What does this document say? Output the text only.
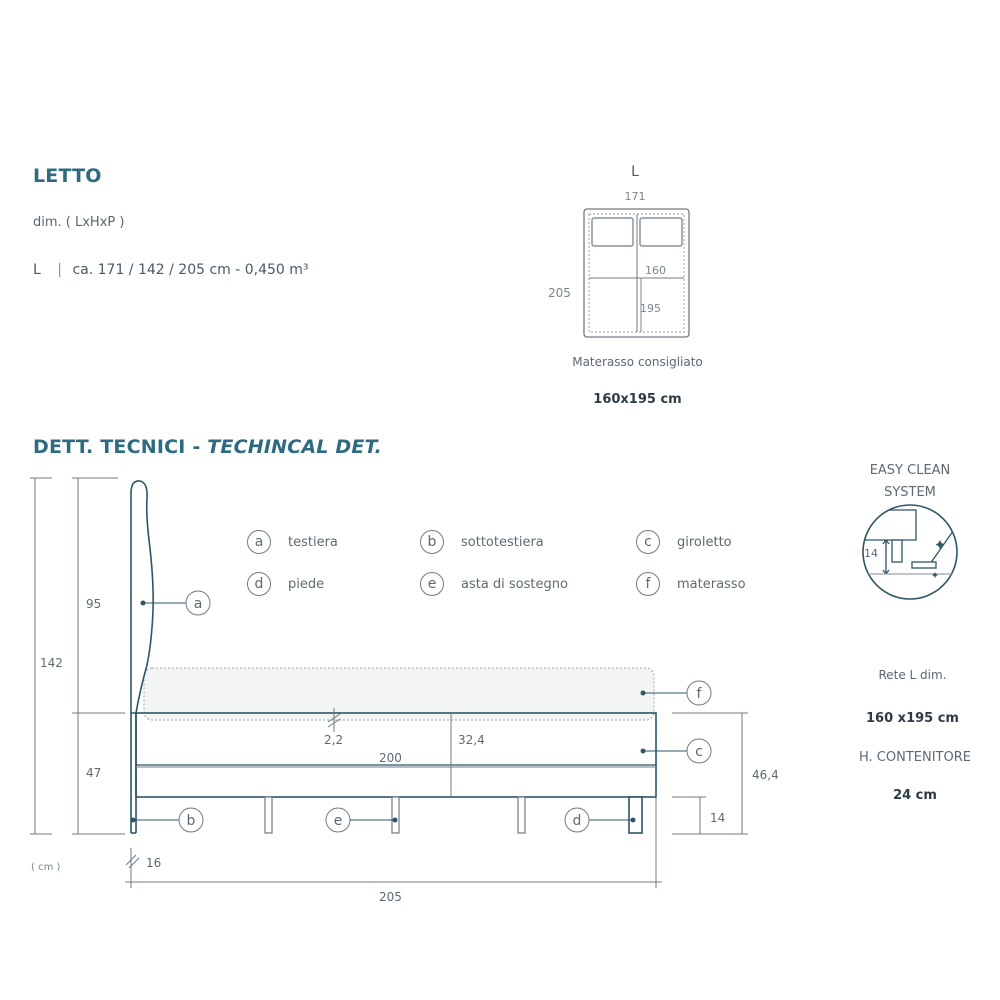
LETTO
dim. ( LxHxP )
L | ca. 171 / 142 / 205 cm - 0,450 m³
L
171
205
160
195
Materasso consigliato
160x195 cm
DETT. TECNICI - TECHINCAL DET.
a	testiera	b	sottotestiera	c	giroletto
d	piede	e	asta di sostegno	f	materasso
a
b
c
d
e
f
142
95
47
2,2
200
32,4
46,4
14
16
205
( cm )
EASY CLEAN
SYSTEM
14
Rete L dim.
160 x195 cm
H. CONTENITORE
24 cm
